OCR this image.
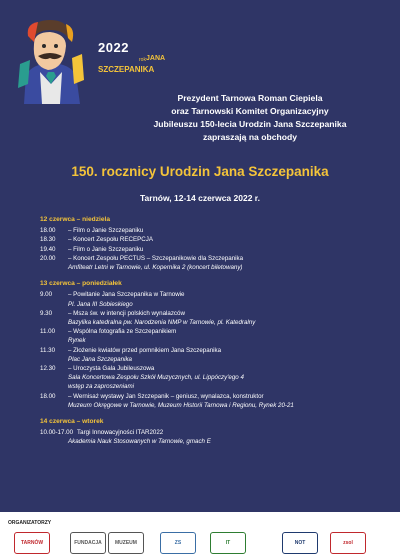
2022
rok JANA
SZCZEPANIKA
Prezydent Tarnowa Roman Ciepiela
oraz Tarnowski Komitet Organizacyjny
Jubileuszu 150-lecia Urodzin Jana Szczepanika
zapraszają na obchody
150. rocznicy Urodzin Jana Szczepanika
Tarnów, 12-14 czerwca 2022 r.
12 czerwca – niedziela
18.00	– Film o Janie Szczepaniku
18.30	– Koncert Zespołu RECEPCJA
19.40	– Film o Janie Szczepaniku
20.00	– Koncert Zespołu PECTUS – Szczepanikowie dla Szczepanika
Amfiteatr Letni w Tarnowie, ul. Kopernika 2 (koncert biletowany)
13 czerwca – poniedziałek
9.00	– Powitanie Jana Szczepanika w Tarnowie
Pl. Jana III Sobieskiego
9.30	– Msza św. w intencji polskich wynalazców
Bazylika katedralna pw. Narodzenia NMP w Tarnowie, pl. Katedralny
11.00	– Wspólna fotografia ze Szczepanikiem
Rynek
11.30	– Złożenie kwiatów przed pomnikiem Jana Szczepanika
Plac Jana Szczepanika
12.30	– Uroczysta Gala Jubileuszowa
Sala Koncertowa Zespołu Szkół Muzycznych, ul. Lippóczy'ego 4
wstęp za zaproszeniami
18.00	– Wernisaż wystawy Jan Szczepanik – geniusz, wynalazca, konstruktor
Muzeum Okręgowe w Tarnowie, Muzeum Historii Tarnowa i Regionu, Rynek 20-21
14 czerwca – wtorek
10.00-17.00 Targi Innowacyjności ITAR2022
Akademia Nauk Stosowanych w Tarnowie, gmach E
ORGANIZATORZY
TARNÓW	FUNDACJA	MUZEUM	ZS	IT	NOT	zsol
